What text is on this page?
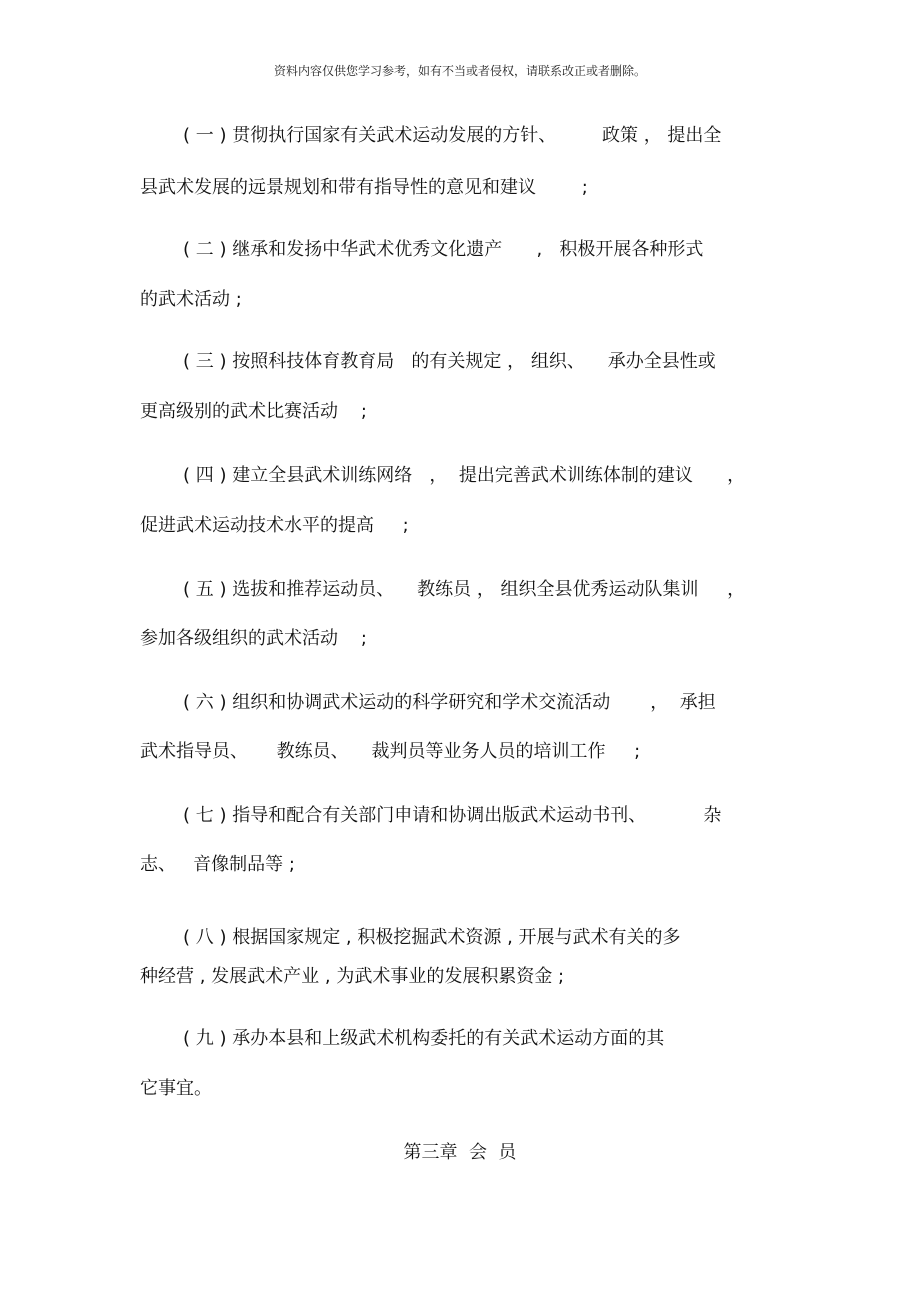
资料内容仅供您学习参考，如有不当或者侵权，请联系改正或者删除。
( 一 ) 贯彻执行国家有关武术运动发展的方针、        政策 ， 提出全
县武术发展的远景规划和带有指导性的意见和建议        ;
( 二 ) 继承和发扬中华武术优秀文化遗产      ,   积极开展各种形式
的武术活动 ;
( 三 ) 按照科技体育教育局   的有关规定 ， 组织、    承办全县性或
更高级别的武术比赛活动    ;
( 四 ) 建立全县武术训练网络   ，  提出完善武术训练体制的建议      ，
促进武术运动技术水平的提高     ;
( 五 ) 选拔和推荐运动员、    教练员 ， 组织全县优秀运动队集训     ，
参加各级组织的武术活动    ;
( 六 ) 组织和协调武术运动的科学研究和学术交流活动       ，  承担
武术指导员、     教练员、    裁判员等业务人员的培训工作     ;
( 七 ) 指导和配合有关部门申请和协调出版武术运动书刊、          杂
志、   音像制品等 ;
( 八 ) 根据国家规定 , 积极挖掘武术资源 , 开展与武术有关的多
种经营 , 发展武术产业 , 为武术事业的发展积累资金 ;
( 九 ) 承办本县和上级武术机构委托的有关武术运动方面的其
它事宜。
第三章  会  员
